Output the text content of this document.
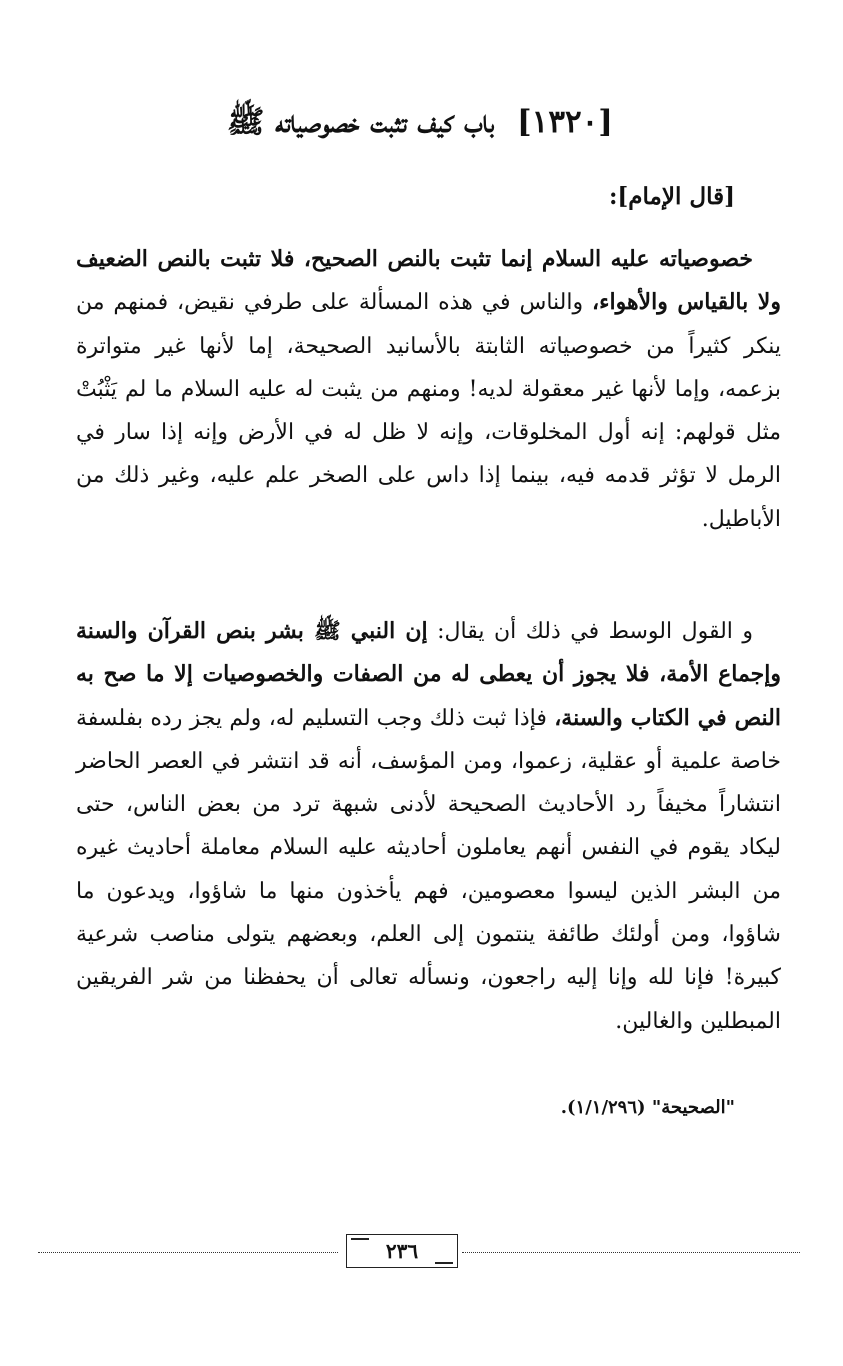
[١٣٢٠] باب كيف تثبت خصوصياته ﷺ
[قال الإمام]:

خصوصياته عليه السلام إنما تثبت بالنص الصحيح، فلا تثبت بالنص الضعيف ولا بالقياس والأهواء، والناس في هذه المسألة على طرفي نقيض، فمنهم من ينكر كثيراً من خصوصياته الثابتة بالأسانيد الصحيحة، إما لأنها غير متواترة بزعمه، وإما لأنها غير معقولة لديه! ومنهم من يثبت له عليه السلام ما لم يَثْبُتْ مثل قولهم: إنه أول المخلوقات، وإنه لا ظل له في الأرض وإنه إذا سار في الرمل لا تؤثر قدمه فيه، بينما إذا داس على الصخر علم عليه، وغير ذلك من الأباطيل.

و القول الوسط في ذلك أن يقال: إن النبي ﷺ بشر بنص القرآن والسنة وإجماع الأمة، فلا يجوز أن يعطى له من الصفات والخصوصيات إلا ما صح به النص في الكتاب والسنة، فإذا ثبت ذلك وجب التسليم له، ولم يجز رده بفلسفة خاصة علمية أو عقلية، زعموا، ومن المؤسف، أنه قد انتشر في العصر الحاضر انتشاراً مخيفاً رد الأحاديث الصحيحة لأدنى شبهة ترد من بعض الناس، حتى ليكاد يقوم في النفس أنهم يعاملون أحاديثه عليه السلام معاملة أحاديث غيره من البشر الذين ليسوا معصومين، فهم يأخذون منها ما شاؤوا، ويدعون ما شاؤوا، ومن أولئك طائفة ينتمون إلى العلم، وبعضهم يتولى مناصب شرعية كبيرة! فإنا لله وإنا إليه راجعون، ونسأله تعالى أن يحفظنا من شر الفريقين المبطلين والغالين.

"الصحيحة" (١/١/٢٩٦).
٢٣٦
